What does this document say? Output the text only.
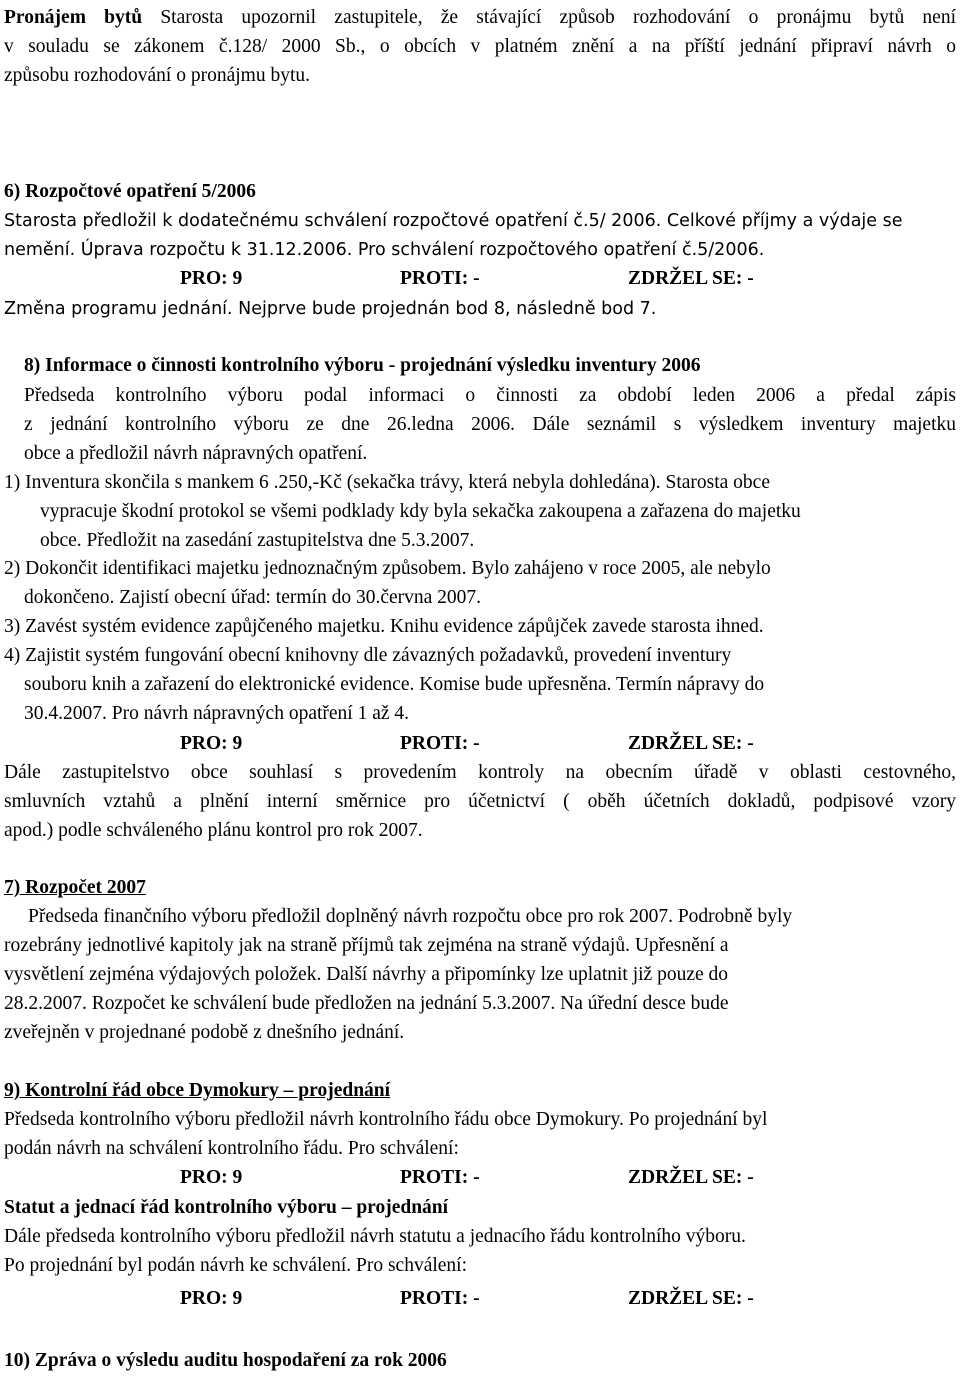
Pronájem bytů Starosta upozornil zastupitele, že stávající způsob rozhodování o pronájmu bytů není
v souladu se zákonem č.128/ 2000 Sb., o obcích v platném znění a na příští jednání připraví návrh o
způsobu rozhodování o pronájmu bytu.
6) Rozpočtové opatření 5/2006
Starosta předložil k dodatečnému schválení rozpočtové opatření č.5/ 2006. Celkové příjmy a výdaje se
nemění. Úprava rozpočtu k 31.12.2006. Pro schválení rozpočtového opatření č.5/2006.
PRO: 9	PROTI: -	ZDRŽEL SE: -
Změna programu jednání. Nejprve bude projednán bod 8, následně bod 7.
8) Informace o činnosti kontrolního výboru - projednání výsledku inventury 2006
Předseda kontrolního výboru podal informaci o činnosti za období leden 2006 a předal zápis
z jednání kontrolního výboru ze dne 26.ledna 2006. Dále seznámil s výsledkem inventury majetku
obce a předložil návrh nápravných opatření.
1) Inventura skončila s mankem 6 .250,-Kč (sekačka trávy, která nebyla dohledána). Starosta obce
vypracuje škodní protokol se všemi podklady kdy byla sekačka zakoupena a zařazena do majetku
obce. Předložit na zasedání zastupitelstva dne 5.3.2007.
2) Dokončit identifikaci majetku jednoznačným způsobem. Bylo zahájeno v roce 2005, ale nebylo
dokončeno. Zajistí obecní úřad: termín do 30.června 2007.
3) Zavést systém evidence zapůjčeného majetku. Knihu evidence zápůjček zavede starosta ihned.
4) Zajistit systém fungování obecní knihovny dle závazných požadavků, provedení inventury
souboru knih a zařazení do elektronické evidence. Komise bude upřesněna. Termín nápravy do
30.4.2007. Pro návrh nápravných opatření 1 až 4.
PRO: 9	PROTI: -	ZDRŽEL SE: -
Dále zastupitelstvo obce souhlasí s provedením kontroly na obecním úřadě v oblasti cestovného,
smluvních vztahů a plnění interní směrnice pro účetnictví ( oběh účetních dokladů, podpisové vzory
apod.) podle schváleného plánu kontrol pro rok 2007.
7) Rozpočet 2007
Předseda finančního výboru předložil doplněný návrh rozpočtu obce pro rok 2007. Podrobně byly
rozebrány jednotlivé kapitoly jak na straně příjmů tak zejména na straně výdajů. Upřesnění a
vysvětlení zejména výdajových položek. Další návrhy a připomínky lze uplatnit již pouze do
28.2.2007. Rozpočet ke schválení bude předložen na jednání 5.3.2007. Na úřední desce bude
zveřejněn v projednané podobě z dnešního jednání.
9) Kontrolní řád obce Dymokury – projednání
Předseda kontrolního výboru předložil návrh kontrolního řádu obce Dymokury. Po projednání byl
podán návrh na schválení kontrolního řádu. Pro schválení:
PRO: 9	PROTI: -	ZDRŽEL SE: -
Statut a jednací řád kontrolního výboru – projednání
Dále předseda kontrolního výboru předložil návrh statutu a jednacího řádu kontrolního výboru.
Po projednání byl podán návrh ke schválení. Pro schválení:
PRO: 9	PROTI: -	ZDRŽEL SE: -
10) Zpráva o výsledu auditu hospodaření za rok 2006
